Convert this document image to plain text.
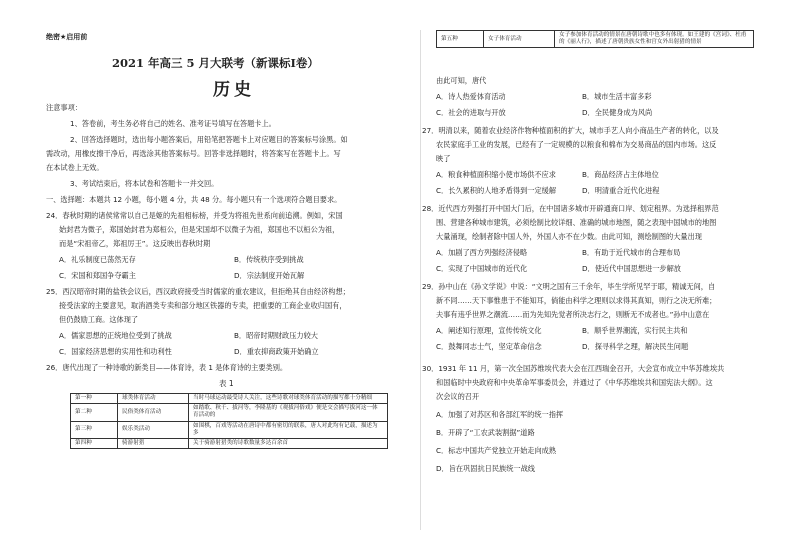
绝密★启用前
2021 年高三 5 月大联考（新课标Ⅰ卷）
历史
注意事项：
1、答卷前，考生务必将自己的姓名、准考证号填写在答题卡上。
2、回答选择题时，选出每小题答案后，用铅笔把答题卡上对应题目的答案标号涂黑。如
需改动，用橡皮擦干净后，再选涂其他答案标号。回答非选择题时，将答案写在答题卡上。写
在本试卷上无效。
3、考试结束后，将本试卷和答题卡一并交回。
一、选择题：本题共 12 小题，每小题 4 分，共 48 分。每小题只有一个选项符合题目要求。
24．春秋时期的诸侯常常以自己是姬的先祖相标榜，并受为将祖先世系向前追溯。例如，宋国
始封君为微子，郑国始封君为郑桓公，但是宋国却不以微子为祖，郑国也不以桓公为祖，
而是“宋祖帝乙，郑祖厉王”。这反映出春秋时期
A．礼乐制度已荡然无存	B．传统秩序受到挑战
C．宋国和郑国争夺霸主	D．宗法制度开始瓦解
25．西汉昭帝时期的盐铁会议后，西汉政府接受当时儒家的重农建议，但拒绝其自由经济构想；
接受法家的主要意见，取消酒类专卖和部分地区铁器的专卖，把重要的工商企业收归国有，
但仍鼓励工商。这体现了
A．儒家思想的正统地位受到了挑战	B．昭帝时期财政压力较大
C．国家经济思想的实用性和功利性	D．重农抑商政策开始确立
26．唐代出现了一种诗歌的新类目——体育诗，表 1 是体育诗的主要类别。
表 1
第一种	球类体育活动	当时马球运动最受诗人关注，这些诗歌对球类体育活动的描写都十分精细
第二种	民俗类体育活动	如踏歌、秋千、拔河等，李隆基的《观拔河俗戏》便是交会描写拔河这一体育活动的
第三种	娱乐类活动	如围棋，百戏等活动在唐诗中都有密切的联系，唐人对此均有记载，描述为多
第四种	骑游射猎	关于骑游射猎类的诗歌数量多达百余首
第五种	女子体育活动	女子参加体育活动的情景在唐朝诗歌中也多有体现。如王建的《宫词》、杜甫的《丽人行》，描述了唐朝贵族女性和宫女外出射猎的情景
由此可知，唐代
A．诗人热爱体育活动	B．城市生活丰富多彩
C．社会的进取与开放	D．全民健身成为风尚
27．明清以来，随着农业经济作物种植面积的扩大，城市手艺人向小商品生产者的转化，以及
农民家庭手工业的发展，已经有了一定规模的以粮食和棉布为交易商品的国内市场。这反
映了
A．粮食种植面积缩小使市场供不应求	B．商品经济占主体地位
C．长久累积的人地矛盾得到一定缓解	D．明清重合近代化进程
28．近代西方列强打开中国大门后，在中国诸多城市开辟通商口岸、划定租界。为选择租界范
围、营建各种城市建筑，必须绘制比较详细、准确的城市地图，随之表现中国城市的地图
大量涌现，绘制者除中国人外，外国人亦不在少数。由此可知，测绘制图的大量出现
A．加剧了西方列强经济侵略	B．有助于近代城市的合理布局
C．实现了中国城市的近代化	D．使近代中国思想进一步解放
29．孙中山在《孙文学说》中说：“文明之国有三千余年，毕生学所见罕于耶，精诚无间，自
新不同……天下事惟患于不能知耳，倘能由科学之理则以求得其真知，则行之决无所难；
夫事有违乎世界之潮流……而为先知先觉者所决志行之，则断无不成者也。”孙中山意在
A．阐述知行原理，宣传传统文化	B．顺乎世界潮流，实行民主共和
C．鼓舞同志士气，坚定革命信念	D．探寻科学之理，解决民生问题
30．1931 年 11 月，第一次全国苏维埃代表大会在江西瑞金召开，大会宣布成立中华苏维埃共
和国临时中央政府和中央革命军事委员会，并通过了《中华苏维埃共和国宪法大纲》。这
次会议的召开
A．加强了对苏区和各部红军的统一指挥
B．开辟了“工农武装割据”道路
C．标志中国共产党独立开始走向成熟
D．旨在巩固抗日民族统一战线
